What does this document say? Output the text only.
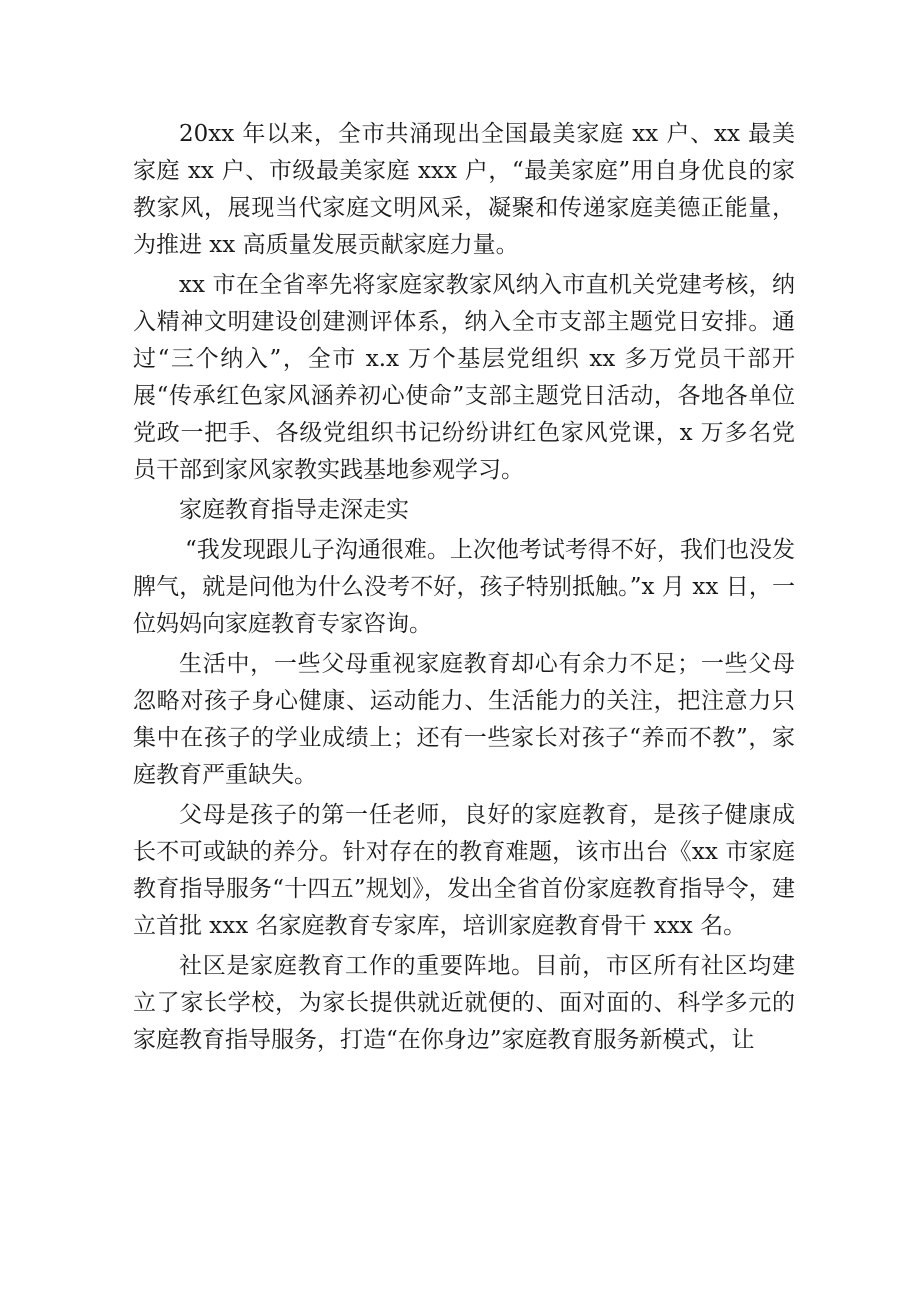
20xx 年以来，全市共涌现出全国最美家庭 xx 户、xx 最美家庭 xx 户、市级最美家庭 xxx 户，“最美家庭”用自身优良的家教家风，展现当代家庭文明风采，凝聚和传递家庭美德正能量，为推进 xx 高质量发展贡献家庭力量。

xx 市在全省率先将家庭家教家风纳入市直机关党建考核，纳入精神文明建设创建测评体系，纳入全市支部主题党日安排。通过“三个纳入”，全市 x.x 万个基层党组织 xx 多万党员干部开展“传承红色家风涵养初心使命”支部主题党日活动，各地各单位党政一把手、各级党组织书记纷纷讲红色家风党课，x 万多名党员干部到家风家教实践基地参观学习。

家庭教育指导走深走实

“我发现跟儿子沟通很难。上次他考试考得不好，我们也没发脾气，就是问他为什么没考不好，孩子特别抵触。”x 月 xx 日，一位妈妈向家庭教育专家咨询。

生活中，一些父母重视家庭教育却心有余力不足；一些父母忽略对孩子身心健康、运动能力、生活能力的关注，把注意力只集中在孩子的学业成绩上；还有一些家长对孩子“养而不教”，家庭教育严重缺失。

父母是孩子的第一任老师，良好的家庭教育，是孩子健康成长不可或缺的养分。针对存在的教育难题，该市出台《xx 市家庭教育指导服务“十四五”规划》，发出全省首份家庭教育指导令，建立首批 xxx 名家庭教育专家库，培训家庭教育骨干 xxx 名。

社区是家庭教育工作的重要阵地。目前，市区所有社区均建立了家长学校，为家长提供就近就便的、面对面的、科学多元的家庭教育指导服务，打造“在你身边”家庭教育服务新模式，让
